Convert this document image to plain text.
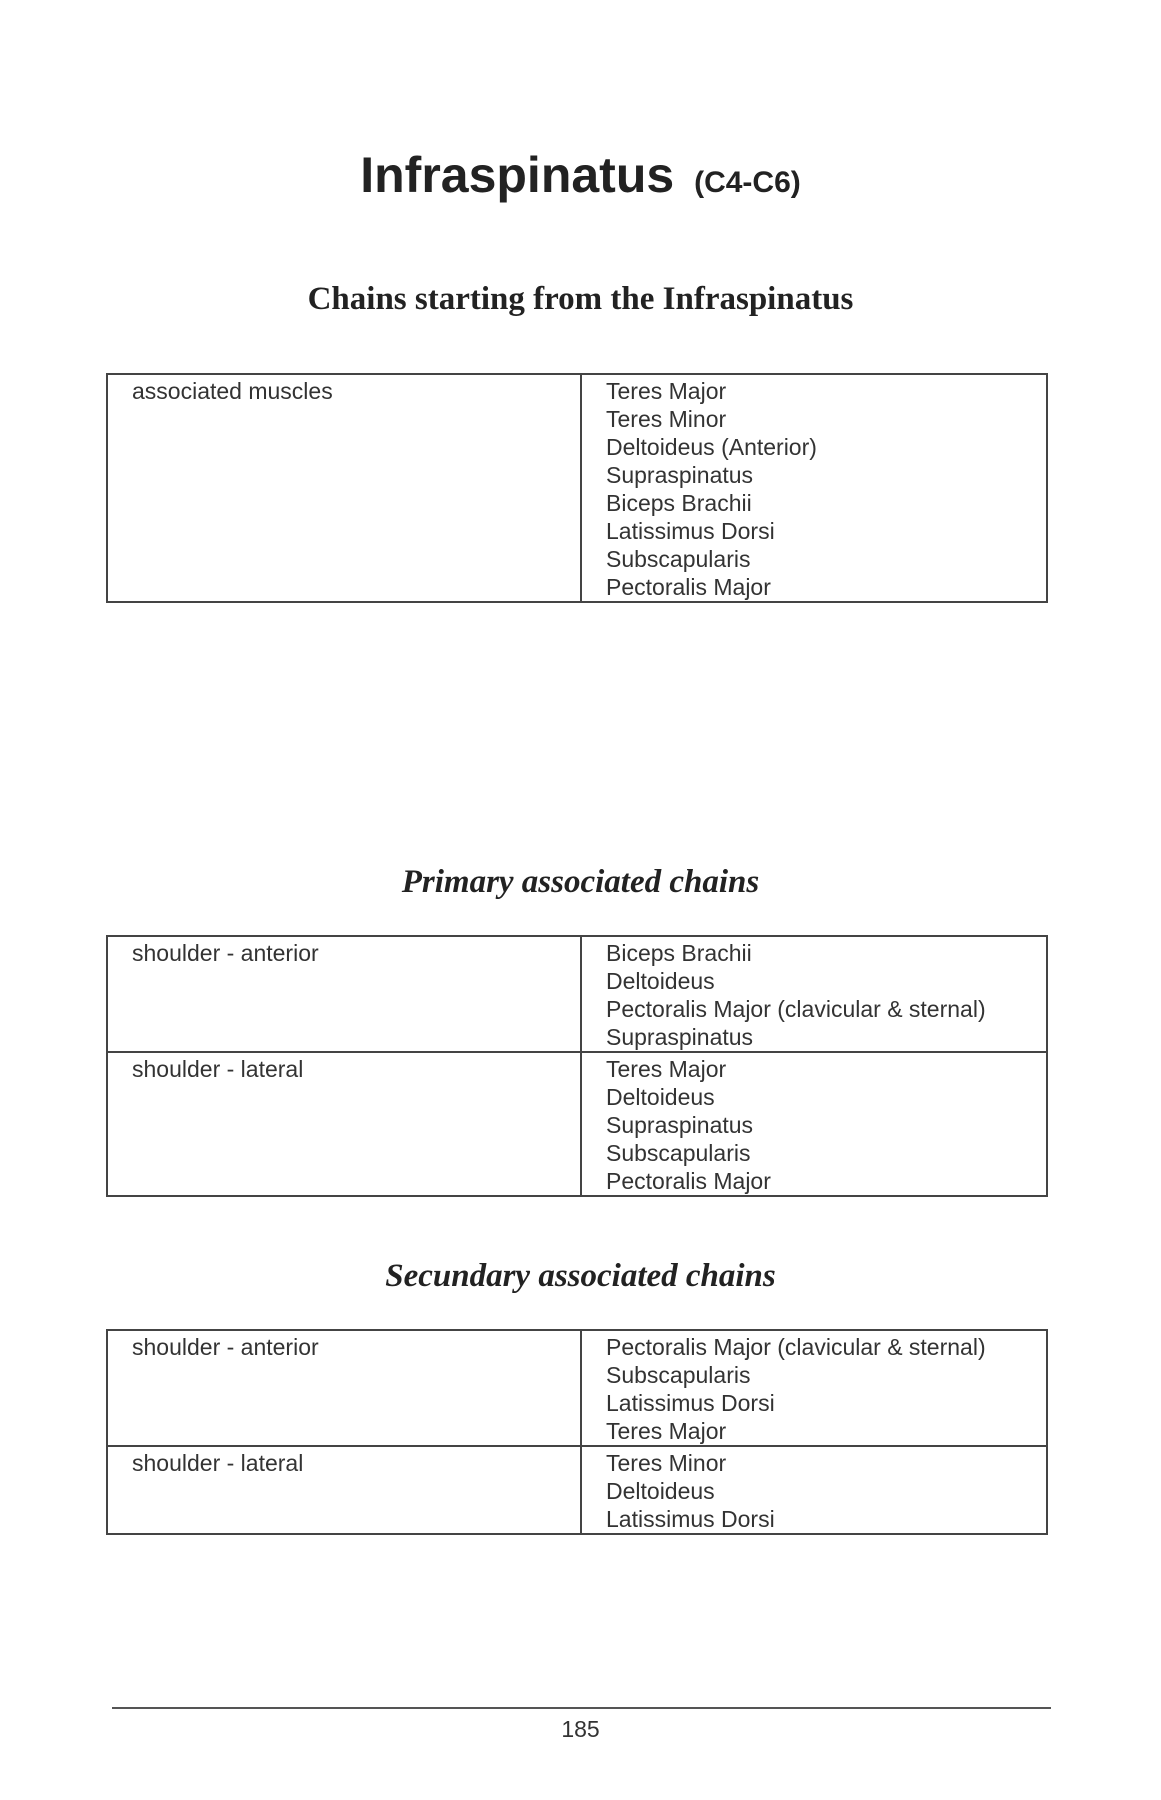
Infraspinatus (C4-C6)
Chains starting from the Infraspinatus
associated muscles	Teres Major
Teres Minor
Deltoideus (Anterior)
Supraspinatus
Biceps Brachii
Latissimus Dorsi
Subscapularis
Pectoralis Major
Primary associated chains
shoulder - anterior	Biceps Brachii
Deltoideus
Pectoralis Major (clavicular & sternal)
Supraspinatus

shoulder - lateral	Teres Major
Deltoideus
Supraspinatus
Subscapularis
Pectoralis Major
Secundary associated chains
shoulder - anterior	Pectoralis Major (clavicular & sternal)
Subscapularis
Latissimus Dorsi
Teres Major

shoulder - lateral	Teres Minor
Deltoideus
Latissimus Dorsi
185
